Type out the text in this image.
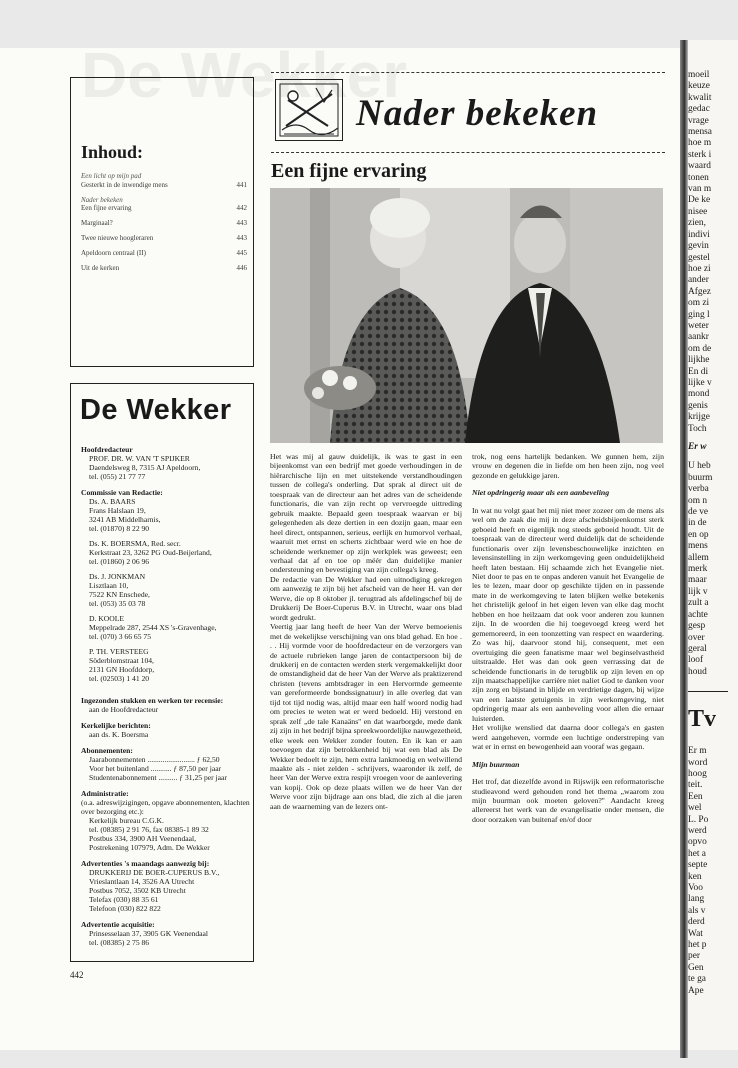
moeil

keuze

kwalit

gedac

vrage

mensa

hoe m

sterk i

waard

tonen

van m

De ke

nisee

zien,

indivi

gevin

gestel

hoe zi

ander

Afgez

om zi

ging l

weter

aankr

om de

lijkhe

En di

lijke v

mond

genis

krijge

Toch

Er w

U heb

buurm

verba

om n

de ve

in de

en op

mens

allem

merk

maar

lijk v

zult a

achte

gesp

over

geral

loof

houd

Tv

Er m

word

hoog

teit.

Een

wel

L. Po

werd

opvo

het a

septe

ken

Voo

lang

als v

derd

Wat

het p

per

Gen

te ga

Ape

De Wekker
Inhoud:
Een licht op mijn pad
Gesterkt in de inwendige mens	441
Nader bekeken
Een fijne ervaring	442
Marginaal?	443
Twee nieuwe hoogleraren	443
Apeldoorn centraal (II)	445
Uit de kerken	446
De Wekker
Hoofdredacteur
PROF. DR. W. VAN 'T SPIJKER
Daendelsweg 8, 7315 AJ Apeldoorn,
tel. (055) 21 77 77
Commissie van Redactie:
Ds. A. BAARS
Frans Halslaan 19,
3241 AB Middelharnis,
tel. (01870) 8 22 90
Ds. K. BOERSMA, Red. secr.
Kerkstraat 23, 3262 PG Oud-Beijerland,
tel. (01860) 2 06 96
Ds. J. JONKMAN
Lisztlaan 10,
7522 KN Enschede,
tel. (053) 35 03 78
D. KOOLE
Meppelrade 287, 2544 XS 's-Gravenhage,
tel. (070) 3 66 65 75
P. TH. VERSTEEG
Söderblomstraat 104,
2131 GN Hoofddorp,
tel. (02503) 1 41 20
Ingezonden stukken en werken ter recensie:
aan de Hoofdredacteur
Kerkelijke berichten:
aan ds. K. Boersma
Abonnementen:
Jaarabonnementen ......................... ƒ 62,50
Voor het buitenland ........... ƒ 87,50 per jaar
Studentenabonnement .......... ƒ 31,25 per jaar
Administratie:
(o.a. adreswijzigingen, opgave abonnementen, klachten over bezorging etc.):
Kerkelijk bureau C.G.K.
tel. (08385) 2 91 76, fax 08385-1 89 32
Postbus 334, 3900 AH Veenendaal,
Postrekening 107979, Adm. De Wekker
Advertenties 's maandags aanwezig bij:
DRUKKERIJ DE BOER-CUPERUS B.V.,
Vrieslantlaan 14, 3526 AA Utrecht
Postbus 7052, 3502 KB Utrecht
Telefax (030) 88 35 61
Telefoon (030) 822 822
Advertentie acquisitie:
Prinsesselaan 37, 3905 GK Veenendaal
tel. (08385) 2 75 86
Nader bekeken
Een fijne ervaring

Het was mij al gauw duidelijk, ik was te gast in een bijeenkomst van een bedrijf met goede verhoudingen in de hiërarchische lijn en met uitstekende verstandhoudingen tussen de collega's onderling. Dat sprak al direct uit de toespraak van de directeur aan het adres van de scheidende functionaris, die van zijn recht op vervroegde uittreding gebruik maakte. Bepaald geen toespraak waarvan er bij gelegenheden als deze dertien in een dozijn gaan, maar een heel direct, ontspannen, serieus, eerlijk en humorvol verhaal, waaruit met ernst en scherts zichtbaar werd wie en hoe de scheidende werknemer op zijn werkplek was geweest; een verhaal dat af en toe op méér dan duidelijke manier ondersteuning en bevestiging van zijn collega's kreeg.

De redactie van De Wekker had een uitnodiging gekregen om aanwezig te zijn bij het afscheid van de heer H. van der Werve, die op 8 oktober jl. terugtrad als afdelingschef bij de Drukkerij De Boer-Cuperus B.V. in Utrecht, waar ons blad wordt gedrukt.

Veertig jaar lang heeft de heer Van der Werve bemoeienis met de wekelijkse verschijning van ons blad gehad. En hoe . . . Hij vormde voor de hoofdredacteur en de verzorgers van de actuele rubrieken lange jaren de contactpersoon bij de drukkerij en de contacten werden sterk vergemakkelijkt door de omstandigheid dat de heer Van der Werve als praktizerend christen (tevens ambtsdrager in een Hervormde gemeente van gereformeerde bondssignatuur) in alle overleg dat van tijd tot tijd nodig was, altijd maar een half woord nodig had om precies te weten wat er werd bedoeld. Hij verstond en sprak zelf „de tale Kanaäns'' en dat waarborgde, mede dank zij zijn in het bedrijf bijna spreekwoordelijke nauwgezetheid, elke week een Wekker zonder fouten. En ik kan er aan toevoegen dat zijn betrokkenheid bij wat een blad als De Wekker bedoelt te zijn, hem extra lankmoedig en welwillend maakte als - niet zelden - schrijvers, waaronder ik zelf, de heer Van der Werve extra respijt vroegen voor de aanlevering van kopij. Ook op deze plaats willen we de heer Van der Werve voor zijn bijdrage aan ons blad, die zich al die jaren aan de waarneming van de lezers ont-

trok, nog eens hartelijk bedanken. We gunnen hem, zijn vrouw en degenen die in liefde om hen heen zijn, nog veel gezonde en gelukkige jaren.

Niet opdringerig maar als een aanbeveling

In wat nu volgt gaat het mij niet meer zozeer om de mens als wel om de zaak die mij in deze afscheidsbijeenkomst sterk geboeid heeft en eigenlijk nog steeds geboeid houdt. Uit de toespraak van de directeur werd duidelijk dat de scheidende functionaris over zijn levensbeschouwelijke inzichten en levensinstelling in zijn werkomgeving geen onduidelijkheid heeft laten bestaan. Hij schaamde zich het Evangelie niet. Niet door te pas en te onpas anderen vanuit het Evangelie de les te lezen, maar door op geschikte tijden en in passende mate in de werkomgeving te laten blijken welke betekenis het christelijk geloof in het eigen leven van elke dag mocht hebben en hoe heilzaam dat ook voor anderen zou kunnen zijn. In de woorden die hij toegevoegd kreeg werd het gememoreerd, in een toonzetting van respect en waardering. Zo was hij, daarvoor stond hij, consequent, met een overtuiging die geen fanatisme maar wel beginselvastheid uitstraalde. Het was dan ook geen verrassing dat de scheidende functionaris in de terugblik op zijn leven en op zijn maatschappelijke carrière niet naliet God te danken voor zijn zorg en bijstand in blijde en verdrietige dagen, bij wijze van een laatste getuigenis in zijn werkomgeving, niet opdringerig maar als een aanbeveling voor allen die ernaar luisterden.

Het vrolijke wenslied dat daarna door collega's en gasten werd aangeheven, vormde een luchtige onderstreping van wat er in ernst en bewogenheid aan vooraf was gegaan.

Mijn buurman

Het trof, dat diezelfde avond in Rijswijk een reformatorische studieavond werd gehouden rond het thema „waarom zou mijn buurman ook moeten geloven?'' Aandacht kreeg allereerst het werk van de evangelisatie onder mensen, die door oorzaken van buitenaf en/of door

442
